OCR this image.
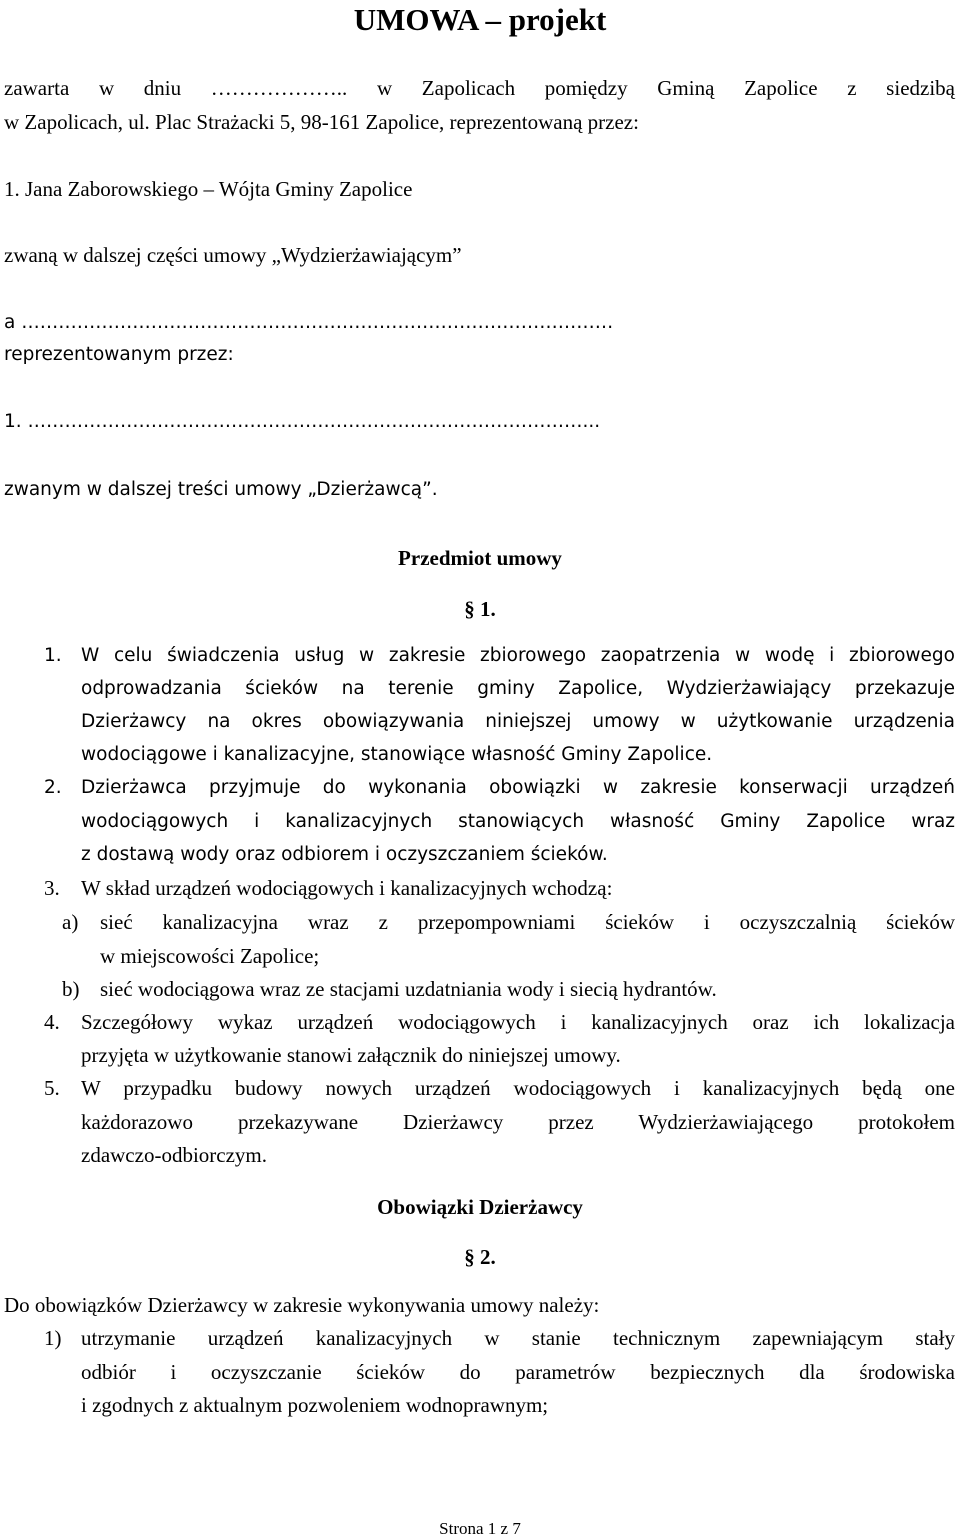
UMOWA – projekt
zawarta w dniu ……………….. w Zapolicach pomiędzy Gminą Zapolice z siedzibą
w Zapolicach, ul. Plac Strażacki 5, 98-161 Zapolice, reprezentowaną przez:
1. Jana Zaborowskiego – Wójta Gminy Zapolice
zwaną w dalszej części umowy „Wydzierżawiającym”
a ……………………………………………………………………………………
reprezentowanym przez:
1. ………………………………………………………………………………...
zwanym w dalszej treści umowy „Dzierżawcą”.
Przedmiot umowy
§ 1.
1. W celu świadczenia usług w zakresie zbiorowego zaopatrzenia w wodę i zbiorowego
odprowadzania ścieków na terenie gminy Zapolice, Wydzierżawiający przekazuje
Dzierżawcy na okres obowiązywania niniejszej umowy w użytkowanie urządzenia
wodociągowe i kanalizacyjne, stanowiące własność Gminy Zapolice.
2. Dzierżawca przyjmuje do wykonania obowiązki w zakresie konserwacji urządzeń
wodociągowych i kanalizacyjnych stanowiących własność Gminy Zapolice wraz
z dostawą wody oraz odbiorem i oczyszczaniem ścieków.
3. W skład urządzeń wodociągowych i kanalizacyjnych wchodzą:
a) sieć kanalizacyjna wraz z przepompowniami ścieków i oczyszczalnią ścieków
w miejscowości Zapolice;
b) sieć wodociągowa wraz ze stacjami uzdatniania wody i siecią hydrantów.
4. Szczegółowy wykaz urządzeń wodociągowych i kanalizacyjnych oraz ich lokalizacja
przyjęta w użytkowanie stanowi załącznik do niniejszej umowy.
5. W przypadku budowy nowych urządzeń wodociągowych i kanalizacyjnych będą one
każdorazowo przekazywane Dzierżawcy przez Wydzierżawiającego protokołem
zdawczo-odbiorczym.
Obowiązki Dzierżawcy
§ 2.
Do obowiązków Dzierżawcy w zakresie wykonywania umowy należy:
1) utrzymanie urządzeń kanalizacyjnych w stanie technicznym zapewniającym stały
odbiór i oczyszczanie ścieków do parametrów bezpiecznych dla środowiska
i zgodnych z aktualnym pozwoleniem wodnoprawnym;
Strona 1 z 7
